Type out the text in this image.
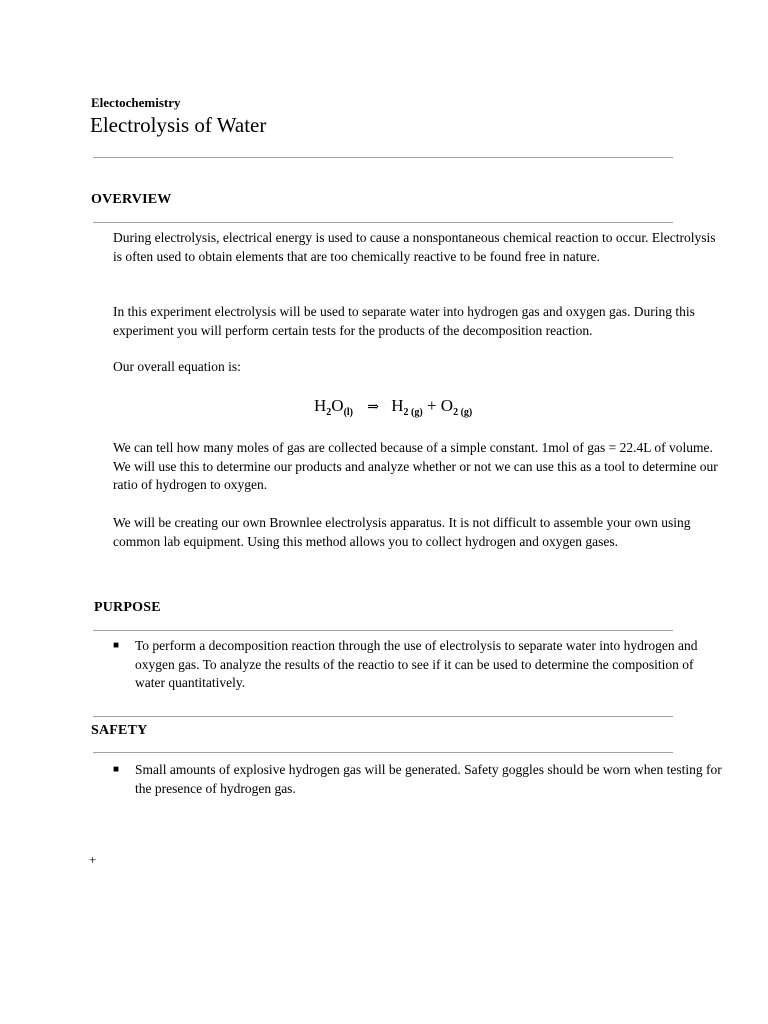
Electochemistry
Electrolysis of Water
OVERVIEW
During electrolysis, electrical energy is used to cause a nonspontaneous chemical reaction to occur. Electrolysis is often used to obtain elements that are too chemically reactive to be found free in nature.
In this experiment electrolysis will be used to separate water into hydrogen gas and oxygen gas. During this experiment you will perform certain tests for the products of the decomposition reaction.
Our overall equation is:
$H_2O_{(l)}$ ⇒ $H_{2 (g)} + O_{2 (g)}$
We can tell how many moles of gas are collected because of a simple constant. 1mol of gas = 22.4L of volume. We will use this to determine our products and analyze whether or not we can use this as a tool to determine our ratio of hydrogen to oxygen.
We will be creating our own Brownlee electrolysis apparatus. It is not difficult to assemble your own using common lab equipment. Using this method allows you to collect hydrogen and oxygen gases.
PURPOSE
■	To perform a decomposition reaction through the use of electrolysis to separate water into hydrogen and oxygen gas. To analyze the results of the reactio to see if it can be used to determine the composition of water quantitatively.
SAFETY
■	Small amounts of explosive hydrogen gas will be generated. Safety goggles should be worn when testing for the presence of hydrogen gas.
+
